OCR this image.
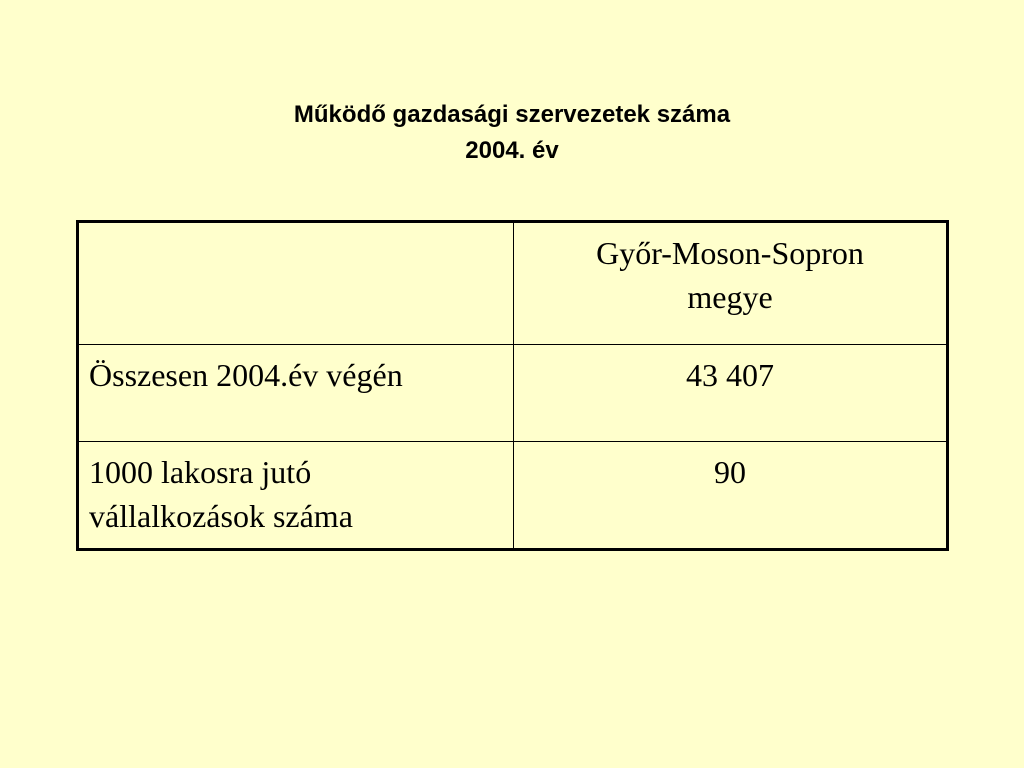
Működő gazdasági szervezetek száma
2004. év

	Győr-Moson-Sopron
megye

Összesen 2004.év végén	43 407

1000 lakosra jutó
vállalkozások száma	90
